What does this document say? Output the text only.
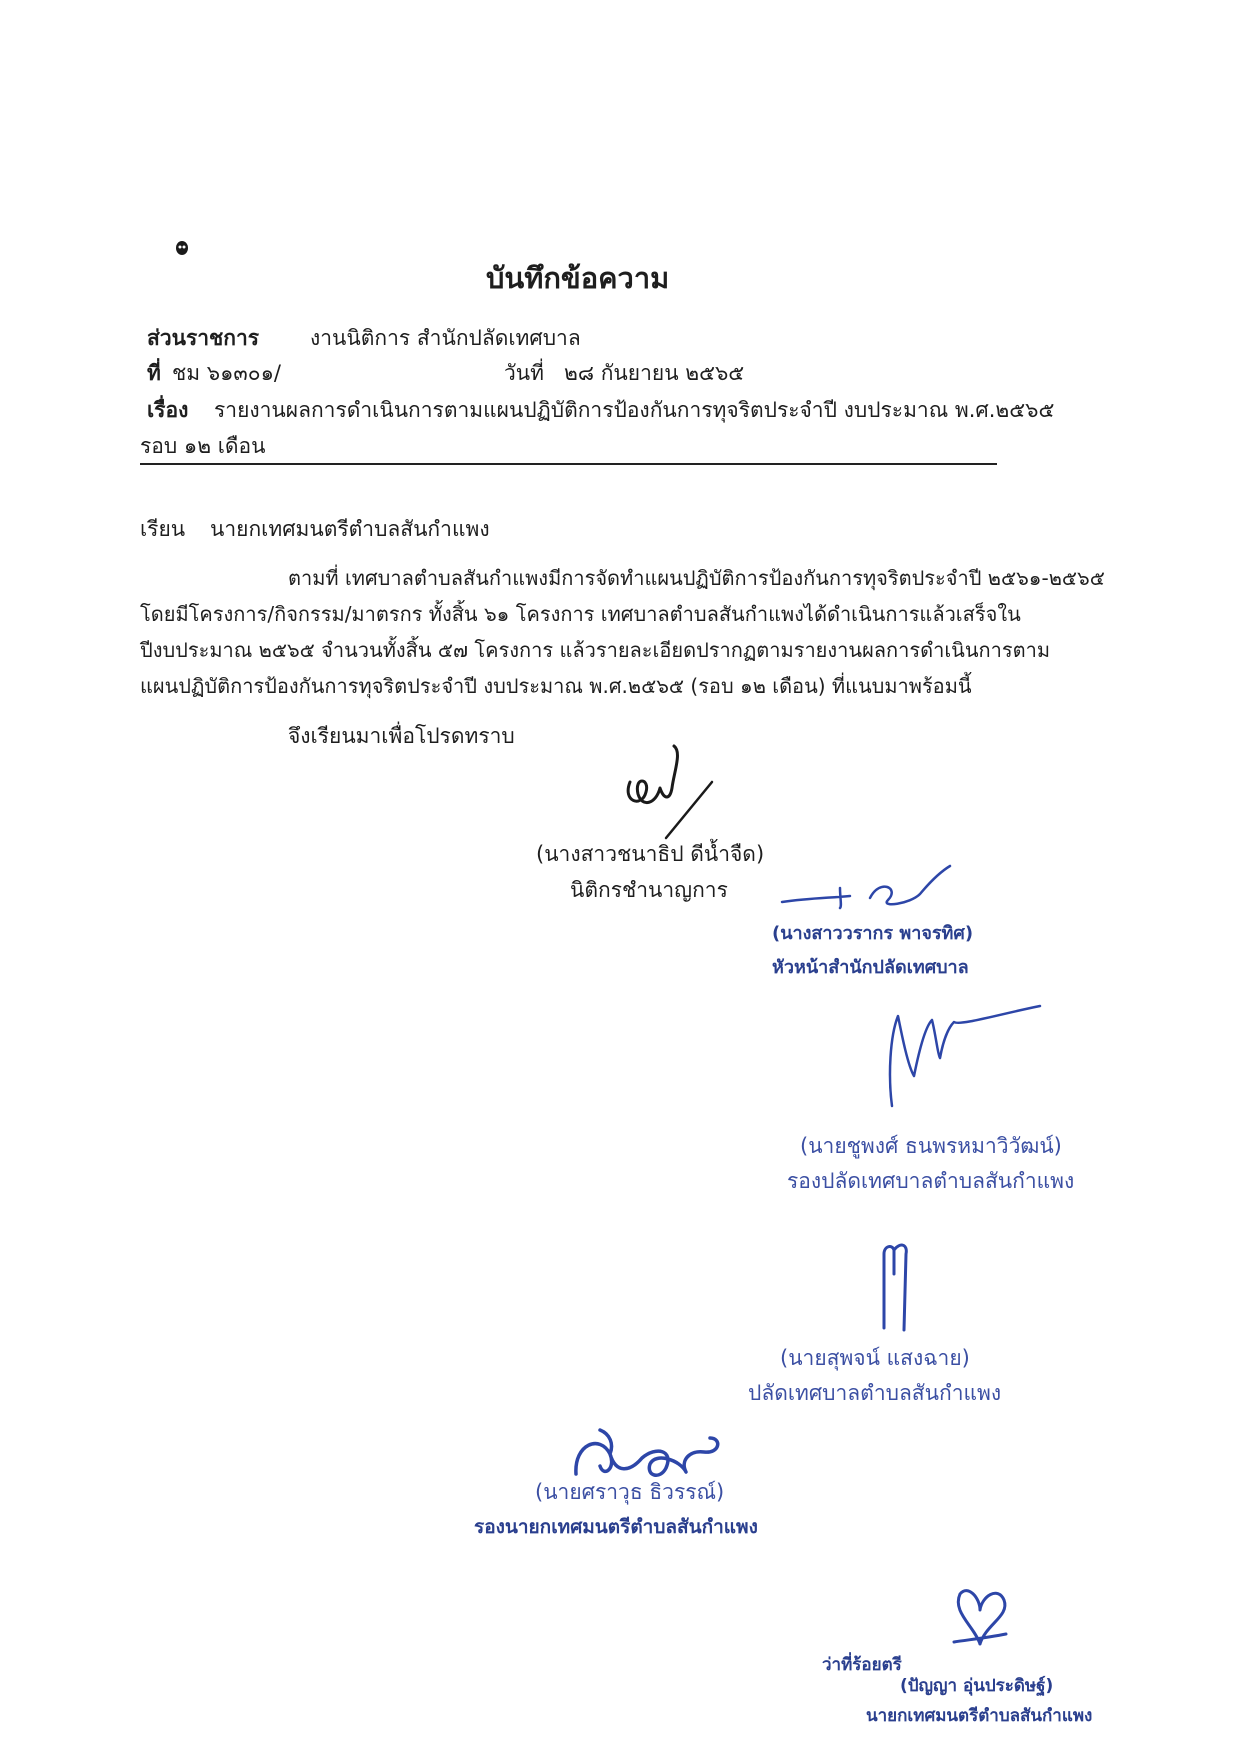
บันทึกข้อความ
ส่วนราชการ งานนิติการ สำนักปลัดเทศบาล
ที่ ชม ๖๑๓๐๑/	วันที่ ๒๘ กันยายน ๒๕๖๕
เรื่อง รายงานผลการดำเนินการตามแผนปฏิบัติการป้องกันการทุจริตประจำปี งบประมาณ พ.ศ.๒๕๖๕
รอบ ๑๒ เดือน
เรียน นายกเทศมนตรีตำบลสันกำแพง
ตามที่ เทศบาลตำบลสันกำแพงมีการจัดทำแผนปฏิบัติการป้องกันการทุจริตประจำปี ๒๕๖๑-๒๕๖๕
โดยมีโครงการ/กิจกรรม/มาตรกร ทั้งสิ้น ๖๑ โครงการ เทศบาลตำบลสันกำแพงได้ดำเนินการแล้วเสร็จใน
ปีงบประมาณ ๒๕๖๕ จำนวนทั้งสิ้น ๕๗ โครงการ แล้วรายละเอียดปรากฏตามรายงานผลการดำเนินการตาม
แผนปฏิบัติการป้องกันการทุจริตประจำปี งบประมาณ พ.ศ.๒๕๖๕ (รอบ ๑๒ เดือน) ที่แนบมาพร้อมนี้
จึงเรียนมาเพื่อโปรดทราบ
(นางสาวชนาธิป ดีน้ำจืด)
นิติกรชำนาญการ
(นางสาววรากร พาจรทิศ)
หัวหน้าสำนักปลัดเทศบาล
(นายชูพงศ์ ธนพรหมาวิวัฒน์)
รองปลัดเทศบาลตำบลสันกำแพง
(นายสุพจน์ แสงฉาย)
ปลัดเทศบาลตำบลสันกำแพง
(นายศราวุธ ธิวรรณ์)
รองนายกเทศมนตรีตำบลสันกำแพง
ว่าที่ร้อยตรี
(ปัญญา อุ่นประดิษฐ์)
นายกเทศมนตรีตำบลสันกำแพง
